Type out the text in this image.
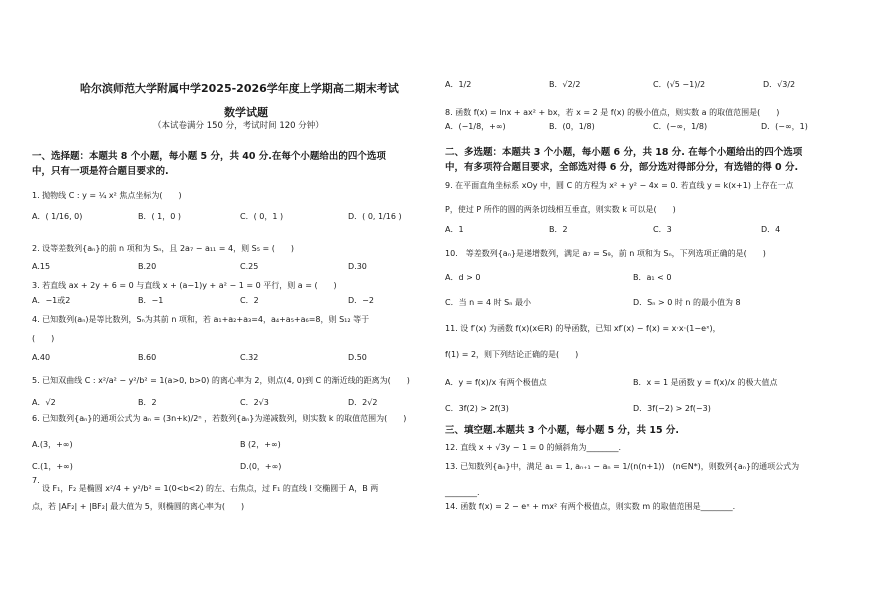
哈尔滨师范大学附属中学2025-2026学年度上学期高二期末考试
数学试题
（本试卷满分 150 分，考试时间 120 分钟）
一、选择题：本题共 8 个小题，每小题 5 分，共 40 分.在每个小题给出的四个选项
中，只有一项是符合题目要求的.
1. 抛物线 C : y = ¼ x² 焦点坐标为(　　)
A．( 1/16, 0)	B．( 1，0 )	C．( 0，1 )	D．( 0, 1/16 )
2. 设等差数列{aₙ}的前 n 项和为 Sₙ，且 2a₇ − a₁₁ = 4，则 S₅ = (　　)
A.15	B.20	C.25	D.30
3. 若直线 ax + 2y + 6 = 0 与直线 x + (a−1)y + a² − 1 = 0 平行，则 a = (　　)
A．−1或2	B．−1	C．2	D．−2
4. 已知数列(aₙ)是等比数列，Sₙ为其前 n 项和，若 a₁+a₂+a₃=4，a₄+a₅+a₆=8，则 S₁₂ 等于
(　　)
A.40	B.60	C.32	D.50
5. 已知双曲线 C : x²/a² − y²/b² = 1(a>0, b>0) 的离心率为 2，则点(4, 0)到 C 的渐近线的距离为(　　)
A．√2	B．2	C．2√3	D．2√2
6. 已知数列{aₙ}的通项公式为 aₙ = (3n+k)/2ⁿ ，若数列{aₙ}为递减数列，则实数 k 的取值范围为(　　)
A.(3，+∞)	B (2，+∞)
C.(1，+∞)	D.(0，+∞)
7.
设 F₁，F₂ 是椭圆 x²/4 + y²/b² = 1(0<b<2) 的左、右焦点，过 F₁ 的直线 l 交椭圆于 A，B 两
点，若 |AF₂| + |BF₂| 最大值为 5，则椭圆的离心率为(　　)
A．1/2	B．√2/2	C．(√5 −1)/2	D．√3/2
8. 函数 f(x) = lnx + ax² + bx，若 x = 2 是 f(x) 的极小值点，则实数 a 的取值范围是(　　)
A．(−1/8，+∞)	B．(0，1/8)	C．(−∞，1/8)	D．(−∞，1)
二、多选题：本题共 3 个小题，每小题 6 分，共 18 分. 在每个小题给出的四个选项
中，有多项符合题目要求，全部选对得 6 分，部分选对得部分分，有选错的得 0 分.
9. 在平面直角坐标系 xOy 中，圆 C 的方程为 x² + y² − 4x = 0. 若直线 y = k(x+1) 上存在一点
P，使过 P 所作的圆的两条切线相互垂直，则实数 k 可以是(　　)
A．1	B．2	C．3	D．4
10.　等差数列{aₙ}是递增数列，满足 a₇ = S₉，前 n 项和为 Sₙ，下列选项正确的是(　　)
A．d > 0	B．a₁ < 0
C．当 n = 4 时 Sₙ 最小	D．Sₙ > 0 时 n 的最小值为 8
11. 设 f′(x) 为函数 f(x)(x∈R) 的导函数，已知 xf′(x) − f(x) = x·x·(1−eˣ)，
f(1) = 2，则下列结论正确的是(　　)
A．y = f(x)/x 有两个极值点	B．x = 1 是函数 y = f(x)/x 的极大值点
C．3f(2) > 2f(3)	D．3f(−2) > 2f(−3)
三、填空题.本题共 3 个小题，每小题 5 分，共 15 分.
12. 直线 x + √3y − 1 = 0 的倾斜角为________.
13. 已知数列{aₙ}中，满足 a₁ = 1, aₙ₊₁ − aₙ = 1/(n(n+1))　(n∈N*)，则数列{aₙ}的通项公式为
________.
14. 函数 f(x) = 2 − eˣ + mx² 有两个极值点，则实数 m 的取值范围是________.
